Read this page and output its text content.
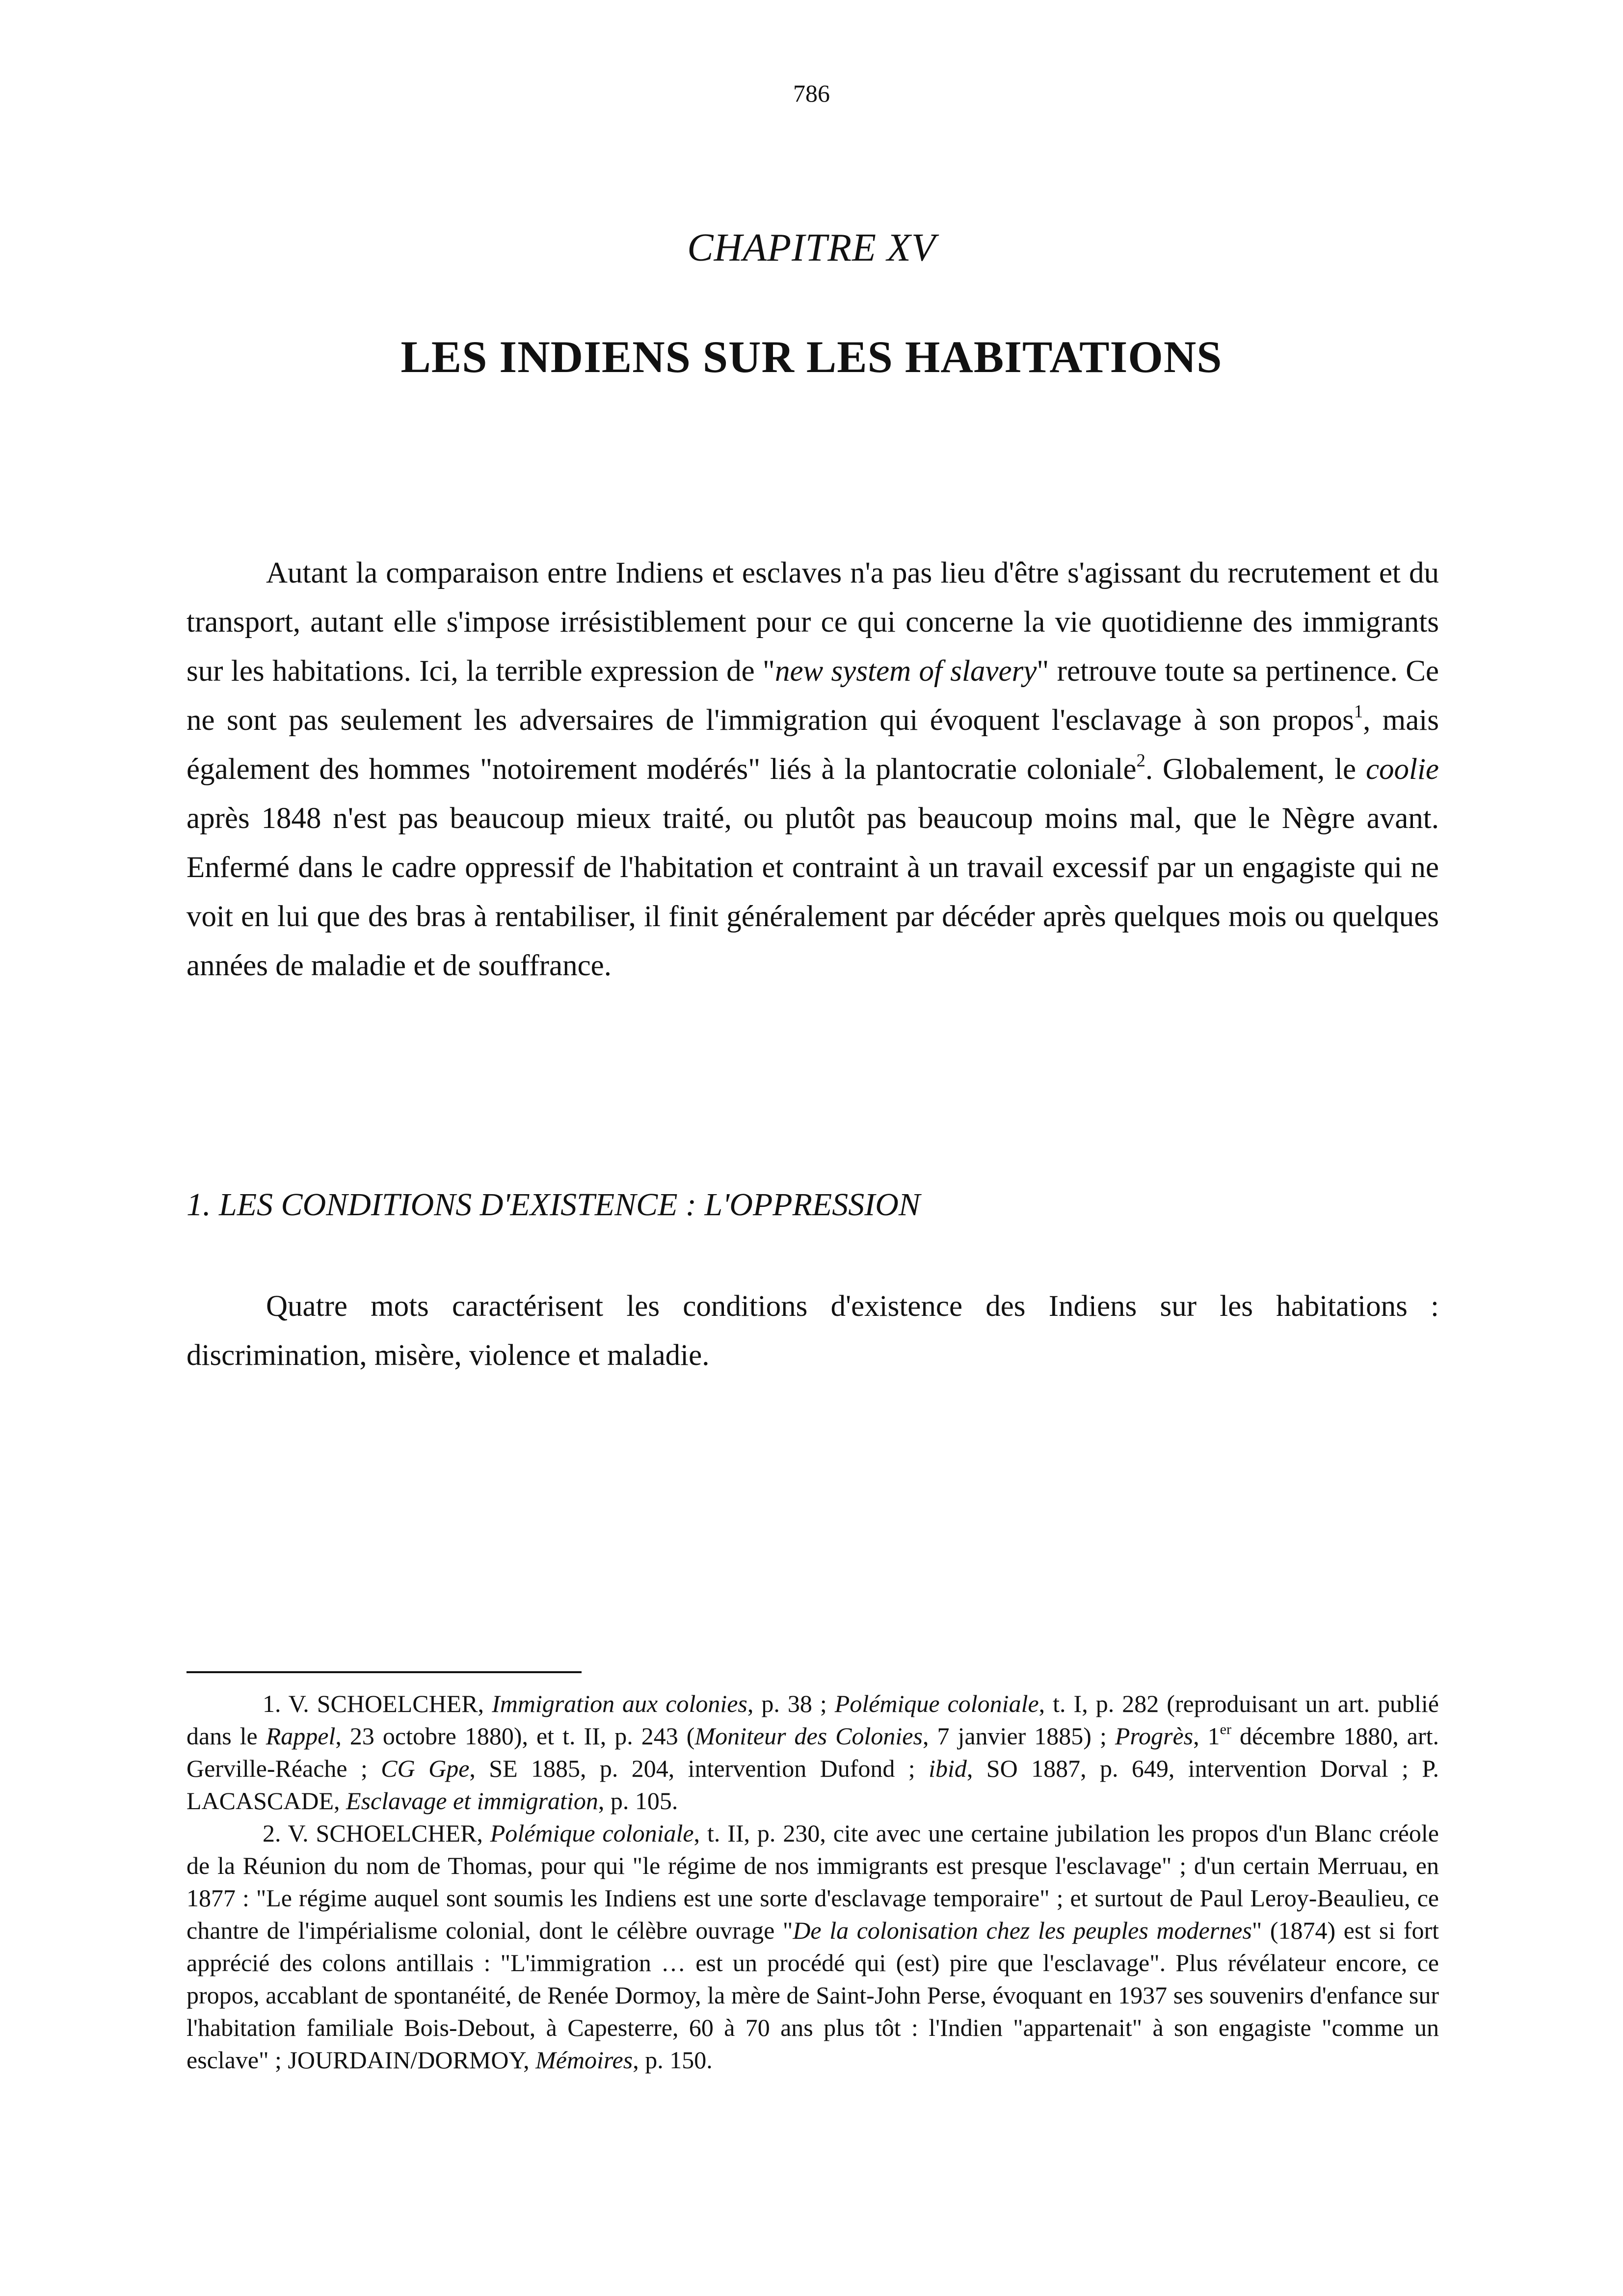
786
CHAPITRE XV
LES INDIENS SUR LES HABITATIONS

Autant la comparaison entre Indiens et esclaves n'a pas lieu d'être s'agissant du recrutement et du transport, autant elle s'impose irrésistiblement pour ce qui concerne la vie quotidienne des immigrants sur les habitations. Ici, la terrible expression de "new system of slavery" retrouve toute sa pertinence. Ce ne sont pas seulement les adversaires de l'immigration qui évoquent l'esclavage à son propos$^1$, mais également des hommes "notoirement modérés" liés à la plantocratie coloniale$^2$. Globalement, le coolie après 1848 n'est pas beaucoup mieux traité, ou plutôt pas beaucoup moins mal, que le Nègre avant. Enfermé dans le cadre oppressif de l'habitation et contraint à un travail excessif par un engagiste qui ne voit en lui que des bras à rentabiliser, il finit généralement par décéder après quelques mois ou quelques années de maladie et de souffrance.

1. LES CONDITIONS D'EXISTENCE : L'OPPRESSION

Quatre mots caractérisent les conditions d'existence des Indiens sur les habitations : discrimination, misère, violence et maladie.

1. V. SCHOELCHER, Immigration aux colonies, p. 38 ; Polémique coloniale, t. I, p. 282 (reproduisant un art. publié dans le Rappel, 23 octobre 1880), et t. II, p. 243 (Moniteur des Colonies, 7 janvier 1885) ; Progrès, 1er décembre 1880, art. Gerville-Réache ; CG Gpe, SE 1885, p. 204, intervention Dufond ; ibid, SO 1887, p. 649, intervention Dorval ; P. LACASCADE, Esclavage et immigration, p. 105.

2. V. SCHOELCHER, Polémique coloniale, t. II, p. 230, cite avec une certaine jubilation les propos d'un Blanc créole de la Réunion du nom de Thomas, pour qui "le régime de nos immigrants est presque l'esclavage" ; d'un certain Merruau, en 1877 : "Le régime auquel sont soumis les Indiens est une sorte d'esclavage temporaire" ; et surtout de Paul Leroy-Beaulieu, ce chantre de l'impérialisme colonial, dont le célèbre ouvrage "De la colonisation chez les peuples modernes" (1874) est si fort apprécié des colons antillais : "L'immigration … est un procédé qui (est) pire que l'esclavage". Plus révélateur encore, ce propos, accablant de spontanéité, de Renée Dormoy, la mère de Saint-John Perse, évoquant en 1937 ses souvenirs d'enfance sur l'habitation familiale Bois-Debout, à Capesterre, 60 à 70 ans plus tôt : l'Indien "appartenait" à son engagiste "comme un esclave" ; JOURDAIN/DORMOY, Mémoires, p. 150.
